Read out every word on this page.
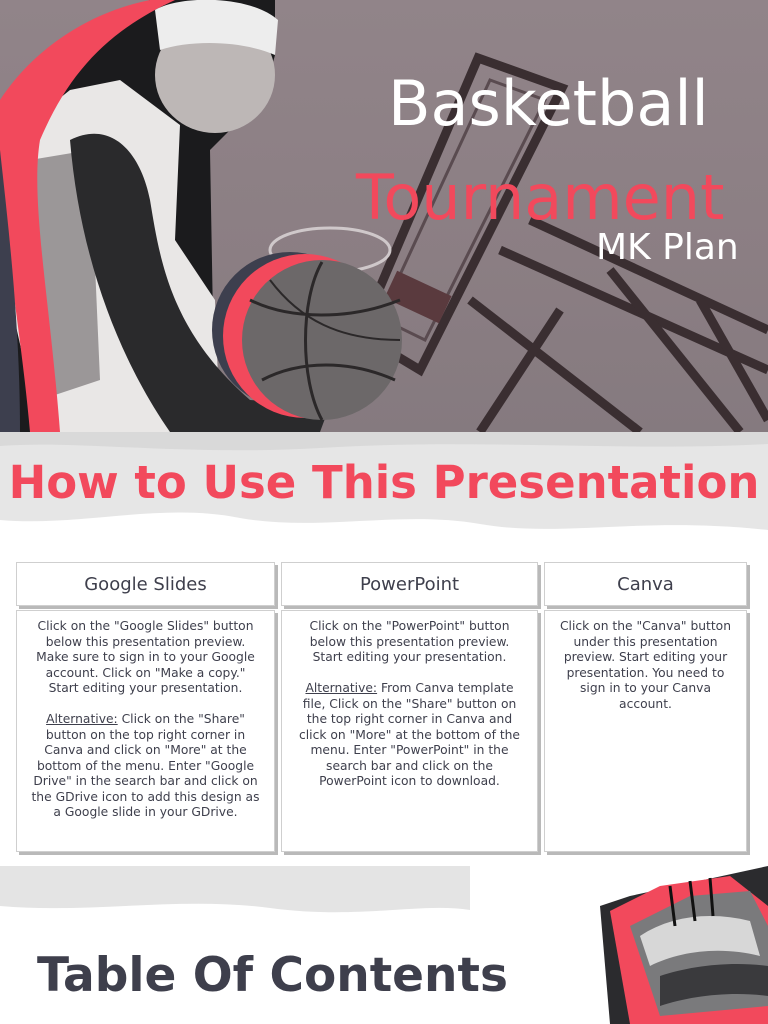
Basketball
Tournament
MK Plan
How to Use This Presentation
Google Slides

Click on the "Google Slides" button below this presentation preview. Make sure to sign in to your Google account. Click on "Make a copy." Start editing your presentation.

Alternative: Click on the "Share" button on the top right corner in Canva and click on "More" at the bottom of the menu. Enter "Google Drive" in the search bar and click on the GDrive icon to add this design as a Google slide in your GDrive.

PowerPoint

Click on the "PowerPoint" button below this presentation preview. Start editing your presentation.

Alternative: From Canva template file, Click on the "Share" button on the top right corner in Canva and click on "More" at the bottom of the menu. Enter "PowerPoint" in the search bar and click on the PowerPoint icon to download.

Canva

Click on the "Canva" button under this presentation preview. Start editing your presentation. You need to sign in to your Canva account.

Table Of Contents
